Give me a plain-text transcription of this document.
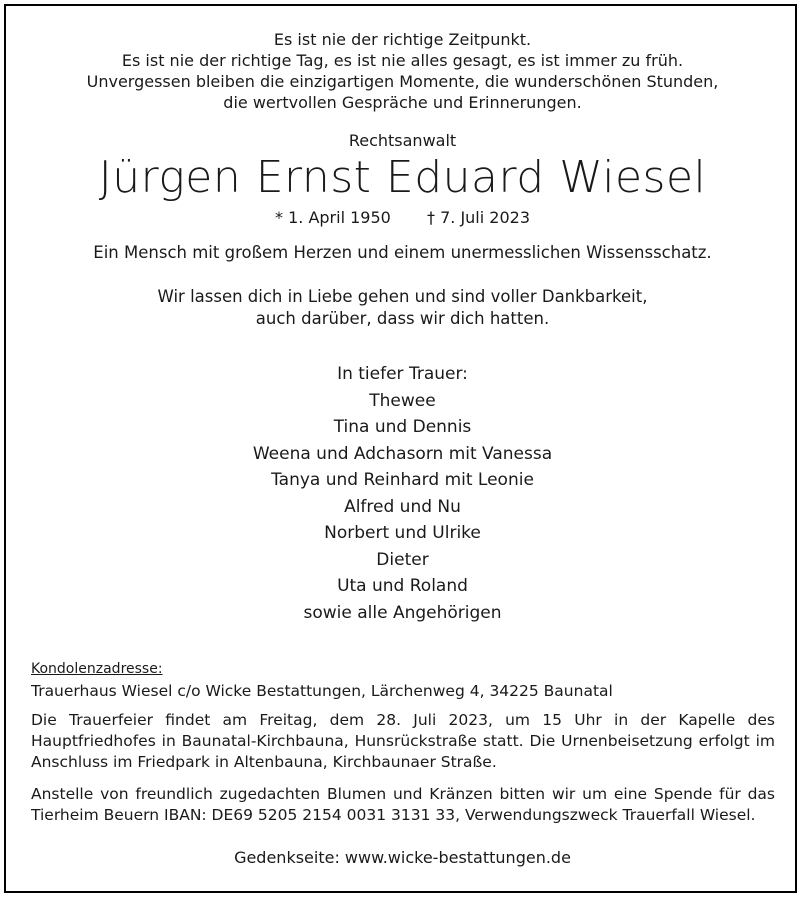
Es ist nie der richtige Zeitpunkt.
Es ist nie der richtige Tag, es ist nie alles gesagt, es ist immer zu früh.
Unvergessen bleiben die einzigartigen Momente, die wunderschönen Stunden,
die wertvollen Gespräche und Erinnerungen.
Rechtsanwalt
Jürgen Ernst Eduard Wiesel
* 1. April 1950 † 7. Juli 2023
Ein Mensch mit großem Herzen und einem unermesslichen Wissensschatz.
Wir lassen dich in Liebe gehen und sind voller Dankbarkeit,
auch darüber, dass wir dich hatten.
In tiefer Trauer:
Thewee
Tina und Dennis
Weena und Adchasorn mit Vanessa
Tanya und Reinhard mit Leonie
Alfred und Nu
Norbert und Ulrike
Dieter
Uta und Roland
sowie alle Angehörigen
Kondolenzadresse:
Trauerhaus Wiesel c/o Wicke Bestattungen, Lärchenweg 4, 34225 Baunatal
Die Trauerfeier findet am Freitag, dem 28. Juli 2023, um 15 Uhr in der Kapelle des Hauptfriedhofes in Baunatal-Kirchbauna, Hunsrückstraße statt. Die Urnenbeisetzung erfolgt im Anschluss im Friedpark in Altenbauna, Kirchbaunaer Straße.
Anstelle von freundlich zugedachten Blumen und Kränzen bitten wir um eine Spende für das Tierheim Beuern IBAN: DE69 5205 2154 0031 3131 33, Verwendungszweck Trauerfall Wiesel.
Gedenkseite: www.wicke-bestattungen.de
